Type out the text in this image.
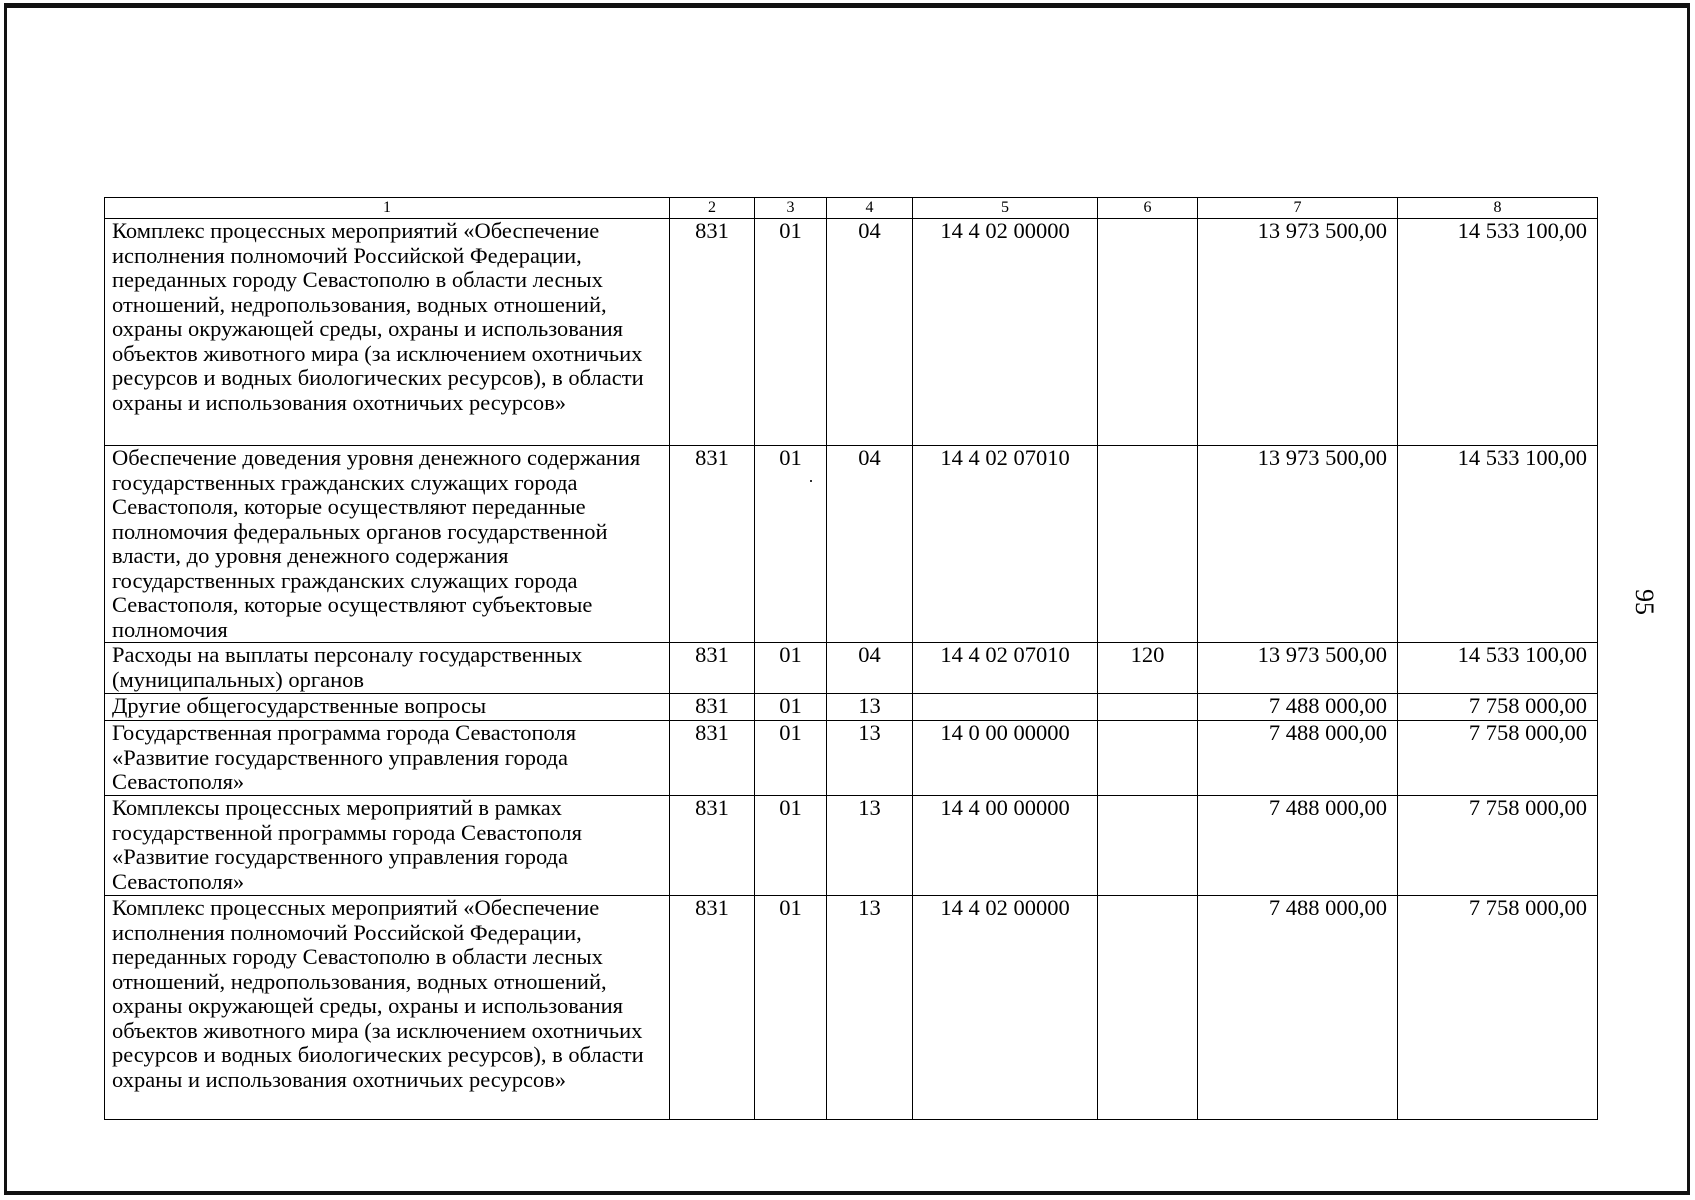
1	2	3	4	5	6	7	8
Комплекс процессных мероприятий «Обеспечение исполнения полномочий Российской Федерации, переданных городу Севастополю в области лесных отношений, недропользования, водных отношений, охраны окружающей среды, охраны и использования объектов животного мира (за исключением охотничьих ресурсов и водных биологических ресурсов), в области охраны и использования охотничьих ресурсов»	831	01	04	14 4 02 00000		13 973 500,00	14 533 100,00
Обеспечение доведения уровня денежного содержания государственных гражданских служащих города Севастополя, которые осуществляют переданные полномочия федеральных органов государственной власти, до уровня денежного содержания государственных гражданских служащих города Севастополя, которые осуществляют субъектовые полномочия	831	01	04	14 4 02 07010		13 973 500,00	14 533 100,00
Расходы на выплаты персоналу государственных (муниципальных) органов	831	01	04	14 4 02 07010	120	13 973 500,00	14 533 100,00
Другие общегосударственные вопросы	831	01	13			7 488 000,00	7 758 000,00
Государственная программа города Севастополя «Развитие государственного управления города Севастополя»	831	01	13	14 0 00 00000		7 488 000,00	7 758 000,00
Комплексы процессных мероприятий в рамках государственной программы города Севастополя «Развитие государственного управления города Севастополя»	831	01	13	14 4 00 00000		7 488 000,00	7 758 000,00
Комплекс процессных мероприятий «Обеспечение исполнения полномочий Российской Федерации, переданных городу Севастополю в области лесных отношений, недропользования, водных отношений, охраны окружающей среды, охраны и использования объектов животного мира (за исключением охотничьих ресурсов и водных биологических ресурсов), в области охраны и использования охотничьих ресурсов»	831	01	13	14 4 02 00000		7 488 000,00	7 758 000,00
95
